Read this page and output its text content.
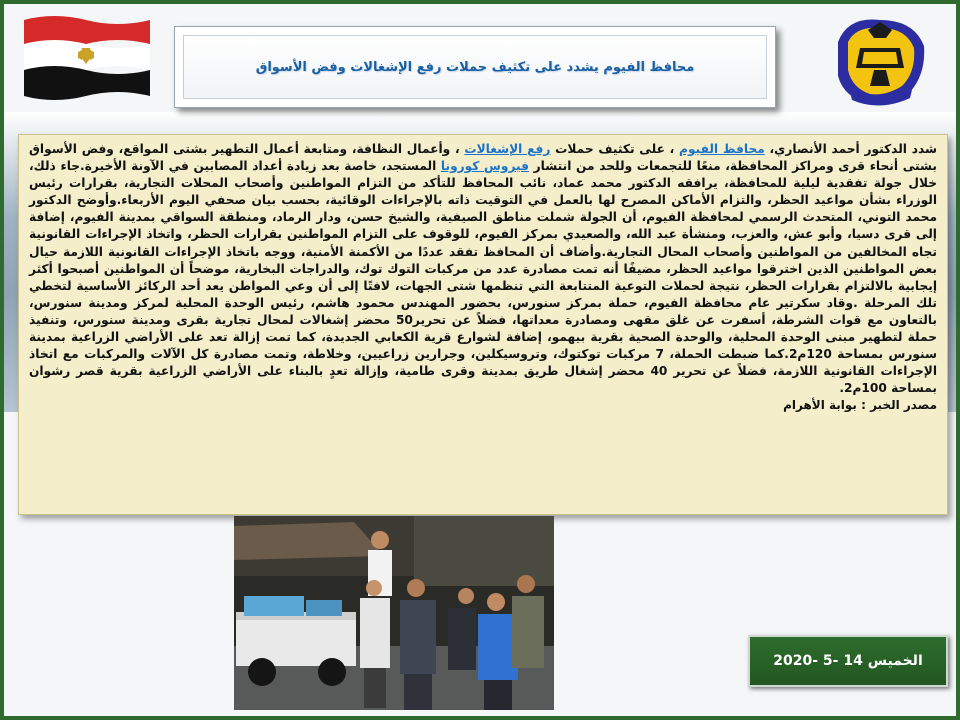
محافظ الفيوم يشدد على تكثيف حملات رفع الإشغالات وفض الأسواق
شدد الدكتور أحمد الأنصاري، محافظ الفيوم ، على تكثيف حملات رفع الإشغالات ، وأعمال النظافة، ومتابعة أعمال التطهير بشتى المواقع، وفض الأسواق بشتى أنحاء قرى ومراكز المحافظة، منعًا للتجمعات وللحد من انتشار فيروس كورونا المستجد، خاصة بعد زيادة أعداد المصابين في الآونة الأخيرة.جاء ذلك، خلال جولة تفقدية ليلية للمحافظة، يرافقه الدكتور محمد عماد، نائب المحافظ للتأكد من التزام المواطنين وأصحاب المحلات التجارية، بقرارات رئيس الوزراء بشأن مواعيد الحظر، والتزام الأماكن المصرح لها بالعمل في التوقيت ذاته بالإجراءات الوقائية، بحسب بيان صحفي اليوم الأربعاء.وأوضح الدكتور محمد التوني، المتحدث الرسمي لمحافظة الفيوم، أن الجولة شملت مناطق الصيفية، والشيخ حسن، ودار الرماد، ومنطقة السواقي بمدينة الفيوم، إضافة إلى قرى دسيا، وأبو عش، والعزب، ومنشأة عبد الله، والصعيدي بمركز الفيوم، للوقوف على التزام المواطنين بقرارات الحظر، واتخاذ الإجراءات القانونية تجاه المخالفين من المواطنين وأصحاب المحال التجارية.وأضاف أن المحافظ تفقد عددًا من الأكمنة الأمنية، ووجه باتخاذ الإجراءات القانونية اللازمة حيال بعض المواطنين الذين اخترقوا مواعيد الحظر، مضيفًا أنه تمت مصادرة عدد من مركبات التوك توك، والدراجات البخارية، موضحاً أن المواطنين أصبحوا أكثر إيجابية بالالتزام بقرارات الحظر، نتيجة لحملات التوعية المتتابعة التي تنظمها شتى الجهات، لافتًا إلى أن وعي المواطن يعد أحد الركائز الأساسية لتخطي تلك المرحلة .وقاد سكرتير عام محافظة الفيوم، حملة بمركز سنورس، بحضور المهندس محمود هاشم، رئيس الوحدة المحلية لمركز ومدينة سنورس، بالتعاون مع قوات الشرطة، أسفرت عن غلق مقهى ومصادرة معداتها، فضلاً عن تحرير50 محضر إشغالات لمحال تجارية بقرى ومدينة سنورس، وتنفيذ حملة لتطهير مبنى الوحدة المحلية، والوحدة الصحية بقرية بيهمو، إضافة لشوارع قرية الكعابي الجديدة، كما تمت إزالة تعد على الأراضي الزراعية بمدينة سنورس بمساحة 120م2.كما ضبطت الحملة، 7 مركبات توكتوك، وتروسيكلين، وجرارين زراعيين، وخلاطة، وتمت مصادرة كل الآلات والمركبات مع اتخاذ الإجراءات القانونية اللازمة، فضلاً عن تحرير 40 محضر إشغال طريق بمدينة وقرى طامية، وإزالة تعدٍ بالبناء على الأراضي الزراعية بقرية قصر رشوان بمساحة 100م2.
مصدر الخبر : بوابة الأهرام
الخميس 14 -5 -2020
